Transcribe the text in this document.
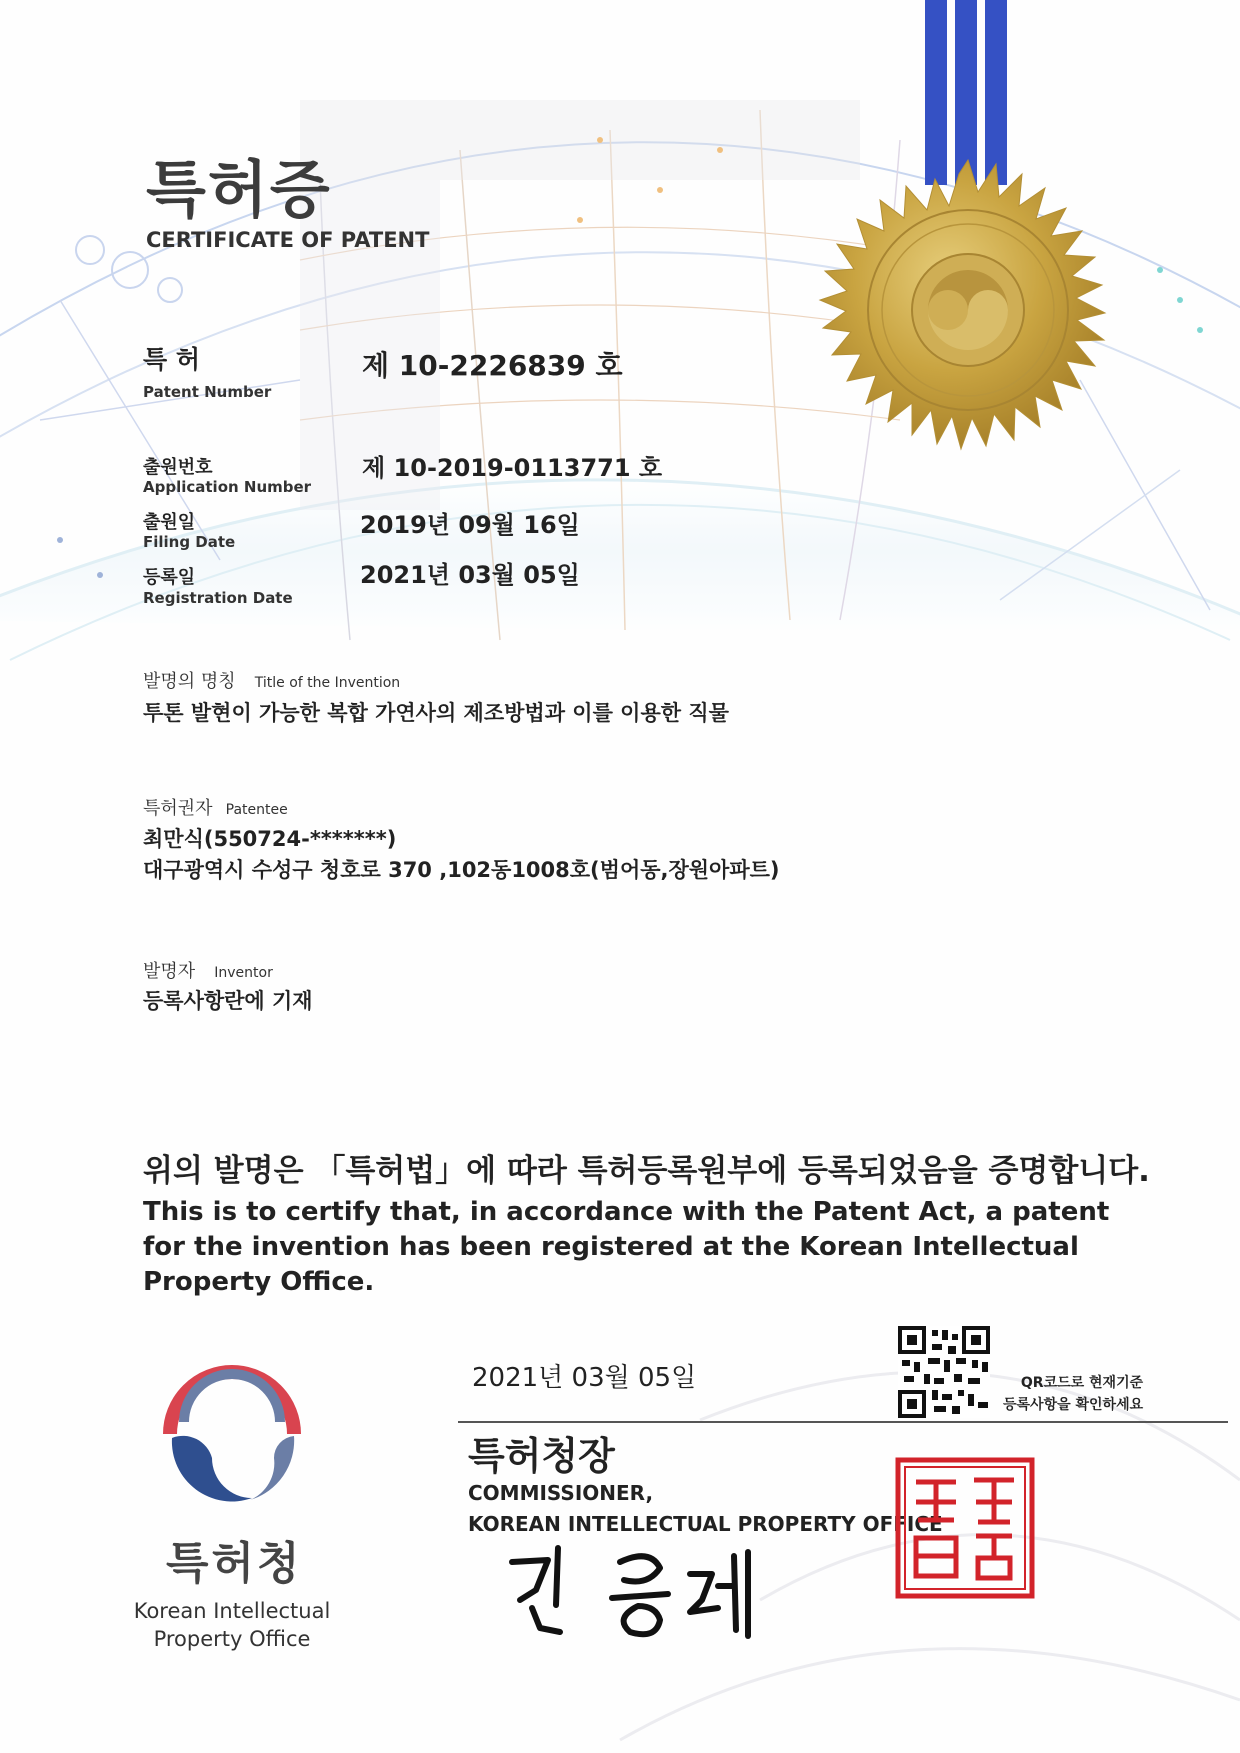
특허증
CERTIFICATE OF PATENT
특 허
Patent Number
제 10-2226839 호
출원번호
Application Number
제 10-2019-0113771 호
출원일
Filing Date
2019년 09월 16일
등록일
Registration Date
2021년 03월 05일
발명의 명칭 Title of the Invention
투톤 발현이 가능한 복합 가연사의 제조방법과 이를 이용한 직물
특허권자 Patentee
최만식(550724-*******)
대구광역시 수성구 청호로 370 ,102동1008호(범어동,장원아파트)
발명자 Inventor
등록사항란에 기재
위의 발명은 「특허법」에 따라 특허등록원부에 등록되었음을 증명합니다.
This is to certify that, in accordance with the Patent Act, a patent for the invention has been registered at the Korean Intellectual Property Office.
QR코드로 현재기준
등록사항을 확인하세요
2021년 03월 05일
특허청장
COMMISSIONER,
KOREAN INTELLECTUAL PROPERTY OFFICE
특허청
Korean Intellectual Property Office
